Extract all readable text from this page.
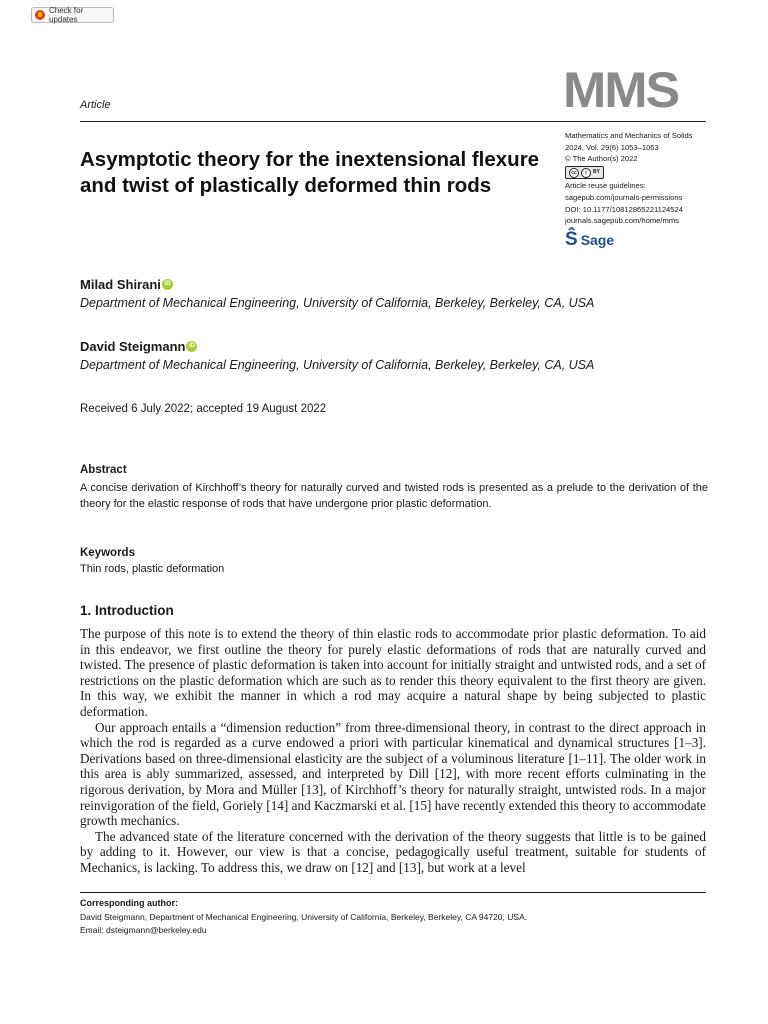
Check for updates
Article	MMS
Asymptotic theory for the inextensional flexure and twist of plastically deformed thin rods
Mathematics and Mechanics of Solids
2024, Vol. 29(6) 1053–1063
© The Author(s) 2022
cc	i	BY
Article reuse guidelines:
sagepub.com/journals-permissions
DOI: 10.1177/10812865221124524
journals.sagepub.com/home/mms
Ŝ Sage
Milad Shirani iD
Department of Mechanical Engineering, University of California, Berkeley, Berkeley, CA, USA
David Steigmann iD
Department of Mechanical Engineering, University of California, Berkeley, Berkeley, CA, USA
Received 6 July 2022; accepted 19 August 2022
Abstract
A concise derivation of Kirchhoff’s theory for naturally curved and twisted rods is presented as a prelude to the derivation of the theory for the elastic response of rods that have undergone prior plastic deformation.
Keywords
Thin rods, plastic deformation
1. Introduction

The purpose of this note is to extend the theory of thin elastic rods to accommodate prior plastic deformation. To aid in this endeavor, we first outline the theory for purely elastic deformations of rods that are naturally curved and twisted. The presence of plastic deformation is taken into account for initially straight and untwisted rods, and a set of restrictions on the plastic deformation which are such as to render this theory equivalent to the first theory are given. In this way, we exhibit the manner in which a rod may acquire a natural shape by being subjected to plastic deformation.

Our approach entails a “dimension reduction” from three-dimensional theory, in contrast to the direct approach in which the rod is regarded as a curve endowed a priori with particular kinematical and dynamical structures [1–3]. Derivations based on three-dimensional elasticity are the subject of a voluminous literature [1–11]. The older work in this area is ably summarized, assessed, and interpreted by Dill [12], with more recent efforts culminating in the rigorous derivation, by Mora and Müller [13], of Kirchhoff’s theory for naturally straight, untwisted rods. In a major reinvigoration of the field, Goriely [14] and Kaczmarski et al. [15] have recently extended this theory to accommodate growth mechanics.

The advanced state of the literature concerned with the derivation of the theory suggests that little is to be gained by adding to it. However, our view is that a concise, pedagogically useful treatment, suitable for students of Mechanics, is lacking. To address this, we draw on [12] and [13], but work at a level

Corresponding author:
David Steigmann, Department of Mechanical Engineering, University of California, Berkeley, Berkeley, CA 94720, USA.
Email: dsteigmann@berkeley.edu
